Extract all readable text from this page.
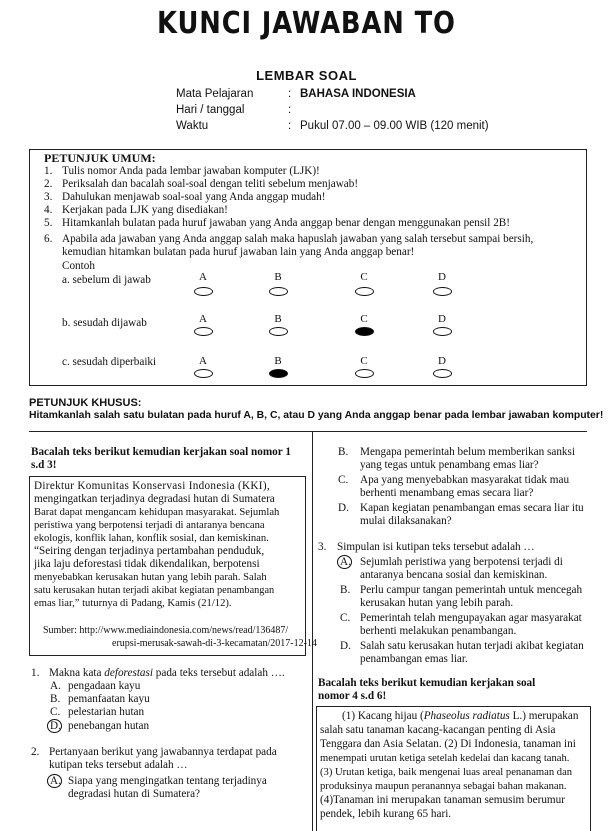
KUNCI JAWABAN TO
LEMBAR SOAL
Mata Pelajaran	: BAHASA INDONESIA
Hari / tanggal	:
Waktu	: Pukul 07.00 – 09.00 WIB (120 menit)
PETUNJUK UMUM:
1. Tulis nomor Anda pada lembar jawaban komputer (LJK)!
2. Periksalah dan bacalah soal-soal dengan teliti sebelum menjawab!
3. Dahulukan menjawab soal-soal yang Anda anggap mudah!
4. Kerjakan pada LJK yang disediakan!
5. Hitamkanlah bulatan pada huruf jawaban yang Anda anggap benar dengan menggunakan pensil 2B!
6. Apabila ada jawaban yang Anda anggap salah maka hapuslah jawaban yang salah tersebut sampai bersih,
kemudian hitamkan bulatan pada huruf jawaban lain yang Anda anggap benar!
Contoh
a. sebelum di jawab	A	B	C	D
b. sesudah dijawab	A	B	C	D
c. sesudah diperbaiki	A	B	C	D
PETUNJUK KHUSUS:
Hitamkanlah salah satu bulatan pada huruf A, B, C, atau D yang Anda anggap benar pada lembar jawaban komputer!
Bacalah teks berikut kemudian kerjakan soal nomor 1
s.d 3!
Direktur Komunitas Konservasi Indonesia (KKI),
mengingatkan terjadinya degradasi hutan di Sumatera
Barat dapat mengancam kehidupan masyarakat. Sejumlah
peristiwa yang berpotensi terjadi di antaranya bencana
ekologis, konflik lahan, konflik sosial, dan kemiskinan.
“Seiring dengan terjadinya pertambahan penduduk,
jika laju deforestasi tidak dikendalikan, berpotensi
menyebabkan kerusakan hutan yang lebih parah. Salah
satu kerusakan hutan terjadi akibat kegiatan penambangan
emas liar,” tuturnya di Padang, Kamis (21/12).
Sumber: http://www.mediaindonesia.com/news/read/136487/
erupsi-merusak-sawah-di-3-kecamatan/2017-12-14
1. Makna kata deforestasi pada teks tersebut adalah ….
A. pengadaan kayu
B. pemanfaatan kayu
C. pelestarian hutan
D. penebangan hutan
2. Pertanyaan berikut yang jawabannya terdapat pada
kutipan teks tersebut adalah …
A. Siapa yang mengingatkan tentang terjadinya
degradasi hutan di Sumatera?
B. Mengapa pemerintah belum memberikan sanksi
yang tegas untuk penambang emas liar?
C. Apa yang menyebabkan masyarakat tidak mau
berhenti menambang emas secara liar?
D. Kapan kegiatan penambangan emas secara liar itu
mulai dilaksanakan?
3. Simpulan isi kutipan teks tersebut adalah …
A. Sejumlah peristiwa yang berpotensi terjadi di
antaranya bencana sosial dan kemiskinan.
B. Perlu campur tangan pemerintah untuk mencegah
kerusakan hutan yang lebih parah.
C. Pemerintah telah mengupayakan agar masyarakat
berhenti melakukan penambangan.
D. Salah satu kerusakan hutan terjadi akibat kegiatan
penambangan emas liar.
Bacalah teks berikut kemudian kerjakan soal
nomor 4 s.d 6!
(1) Kacang hijau (Phaseolus radiatus L.) merupakan
salah satu tanaman kacang-kacangan penting di Asia
Tenggara dan Asia Selatan. (2) Di Indonesia, tanaman ini
menempati urutan ketiga setelah kedelai dan kacang tanah.
(3) Urutan ketiga, baik mengenai luas areal penanaman dan
produksinya maupun peranannya sebagai bahan makanan.
(4)Tanaman ini merupakan tanaman semusim berumur
pendek, lebih kurang 65 hari.
